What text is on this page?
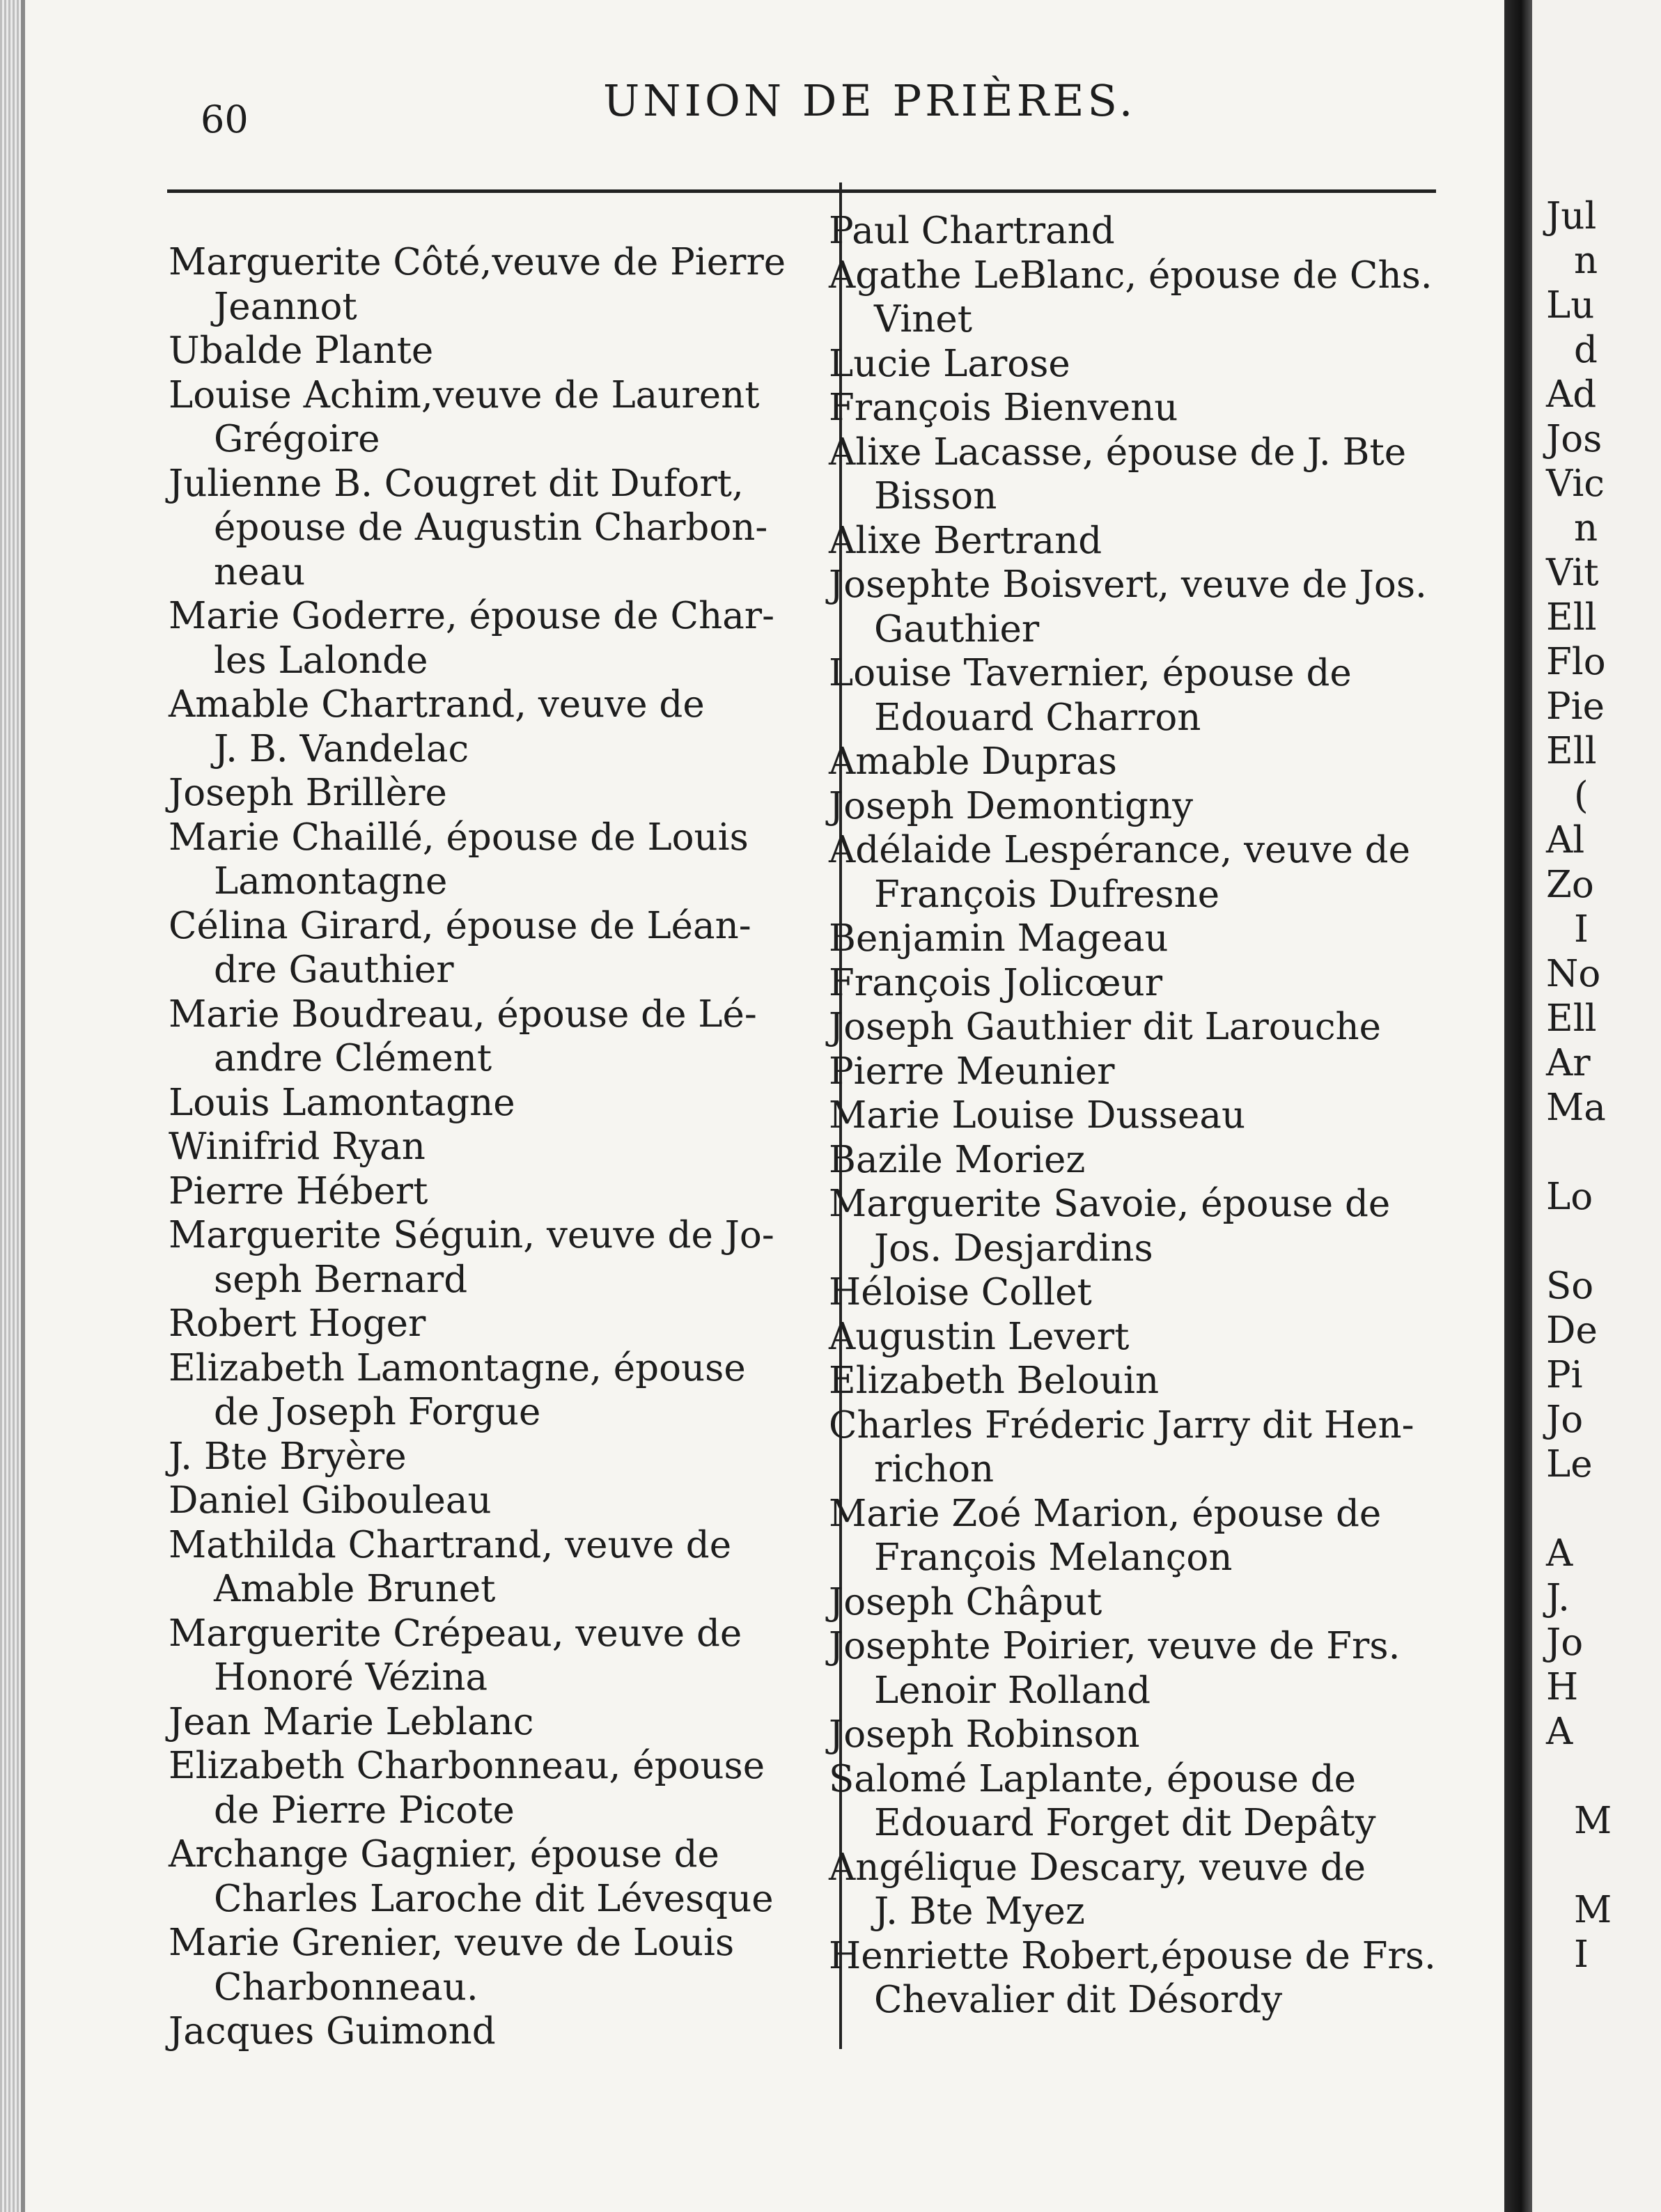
60	UNION DE PRIÈRES.
Marguerite Côté,veuve de Pierre
Jeannot
Ubalde Plante
Louise Achim,veuve de Laurent
Grégoire
Julienne B. Cougret dit Dufort,
épouse de Augustin Charbon-
neau
Marie Goderre, épouse de Char-
les Lalonde
Amable Chartrand, veuve de
J. B. Vandelac
Joseph Brillère
Marie Chaillé, épouse de Louis
Lamontagne
Célina Girard, épouse de Léan-
dre Gauthier
Marie Boudreau, épouse de Lé-
andre Clément
Louis Lamontagne
Winifrid Ryan
Pierre Hébert
Marguerite Séguin, veuve de Jo-
seph Bernard
Robert Hoger
Elizabeth Lamontagne, épouse
de Joseph Forgue
J. Bte Bryère
Daniel Gibouleau
Mathilda Chartrand, veuve de
Amable Brunet
Marguerite Crépeau, veuve de
Honoré Vézina
Jean Marie Leblanc
Elizabeth Charbonneau, épouse
de Pierre Picote
Archange Gagnier, épouse de
Charles Laroche dit Lévesque
Marie Grenier, veuve de Louis
Charbonneau.
Jacques Guimond
Paul Chartrand
Agathe LeBlanc, épouse de Chs.
Vinet
Lucie Larose
François Bienvenu
Alixe Lacasse, épouse de J. Bte
Bisson
Alixe Bertrand
Josephte Boisvert, veuve de Jos.
Gauthier
Louise Tavernier, épouse de
Edouard Charron
Amable Dupras
Joseph Demontigny
Adélaide Lespérance, veuve de
François Dufresne
Benjamin Mageau
François Jolicœur
Joseph Gauthier dit Larouche
Pierre Meunier
Marie Louise Dusseau
Bazile Moriez
Marguerite Savoie, épouse de
Jos. Desjardins
Héloise Collet
Augustin Levert
Elizabeth Belouin
Charles Fréderic Jarry dit Hen-
richon
Marie Zoé Marion, épouse de
François Melançon
Joseph Châput
Josephte Poirier, veuve de Frs.
Lenoir Rolland
Joseph Robinson
Salomé Laplante, épouse de
Edouard Forget dit Depâty
Angélique Descary, veuve de
J. Bte Myez
Henriette Robert,épouse de Frs.
Chevalier dit Désordy
Jul
n
Lu
d
Ad
Jos
Vic
n
Vit
Ell
Flo
Pie
Ell
(
Al
Zo
I
No
Ell
Ar
Ma
Lo
So
De
Pi
Jo
Le
A
J.
Jo
H
A
M
M
I
